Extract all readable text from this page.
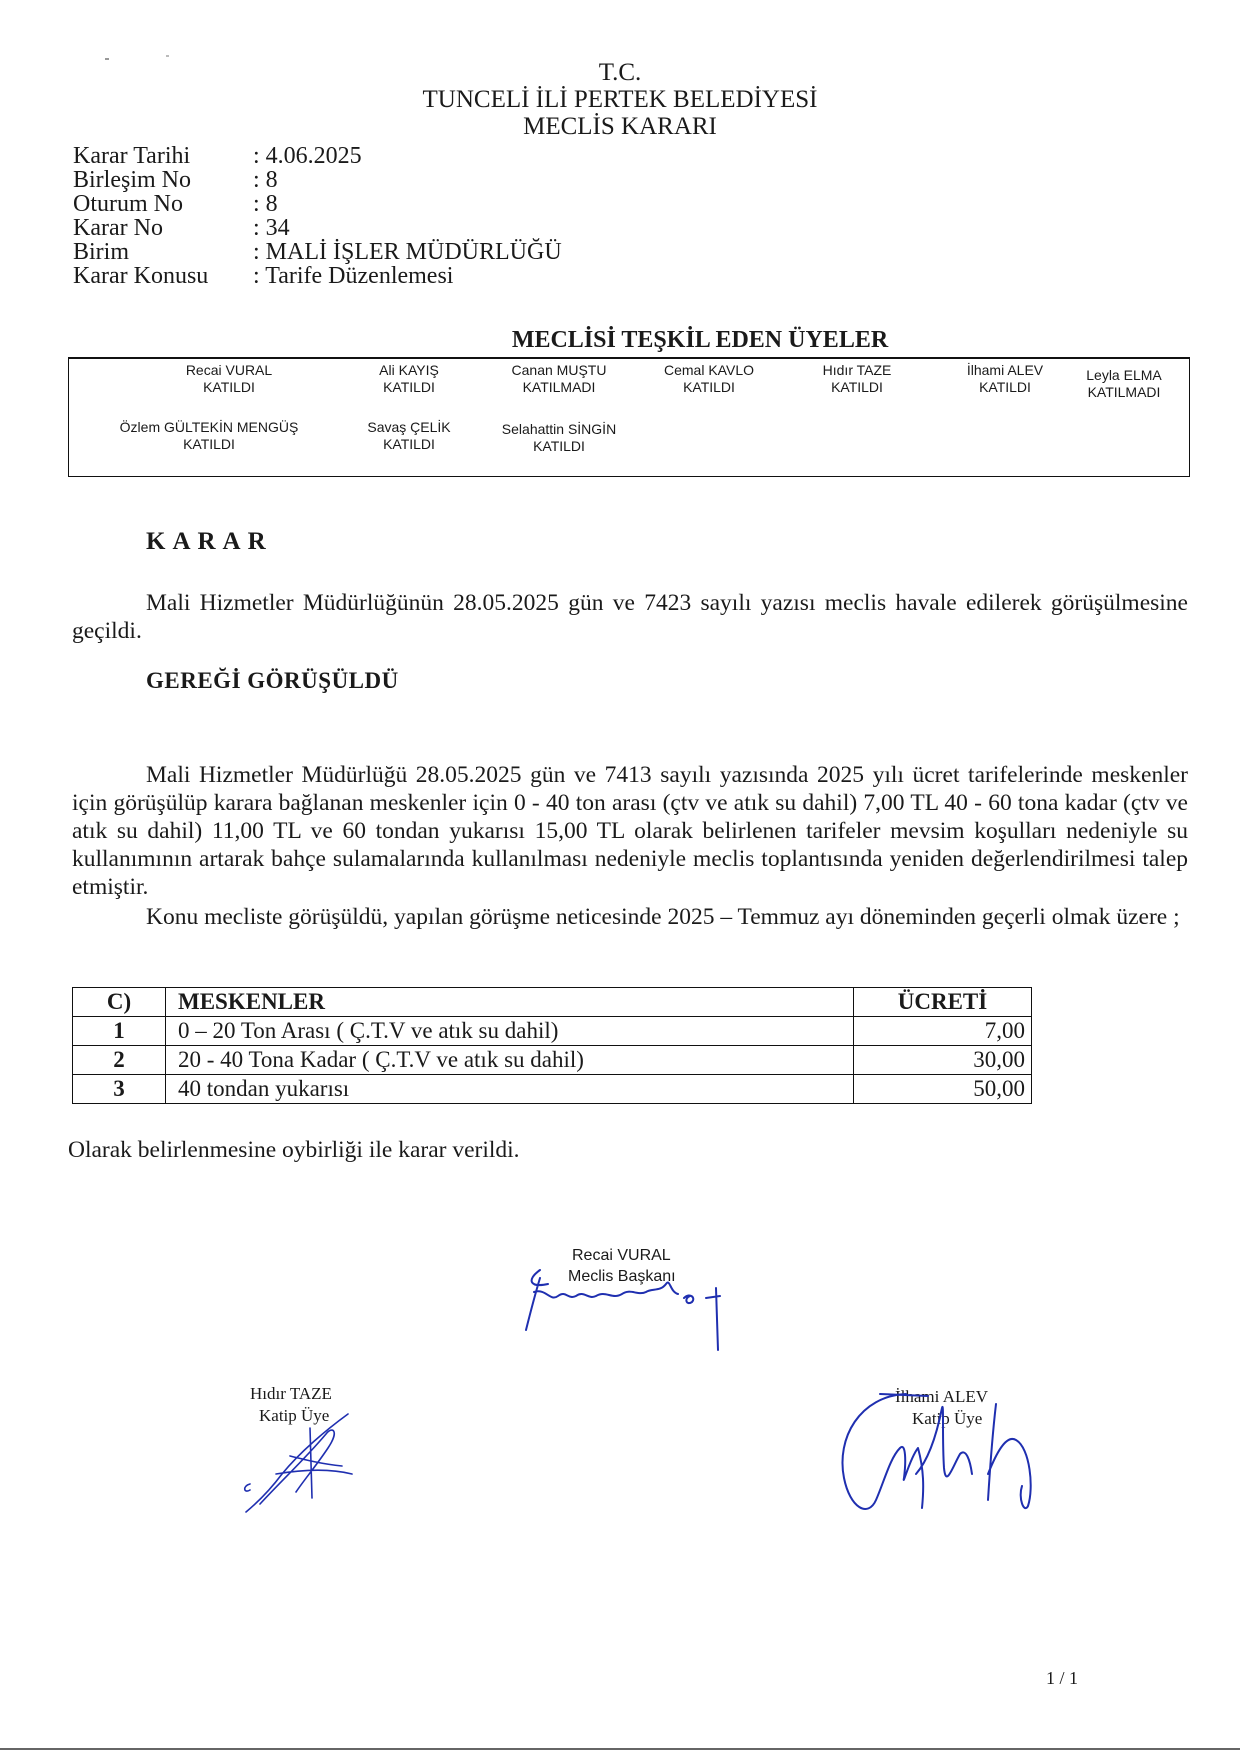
T.C.
TUNCELİ İLİ PERTEK BELEDİYESİ
MECLİS KARARI
Karar Tarihi	: 4.06.2025
Birleşim No	: 8
Oturum No	: 8
Karar No	: 34
Birim	: MALİ İŞLER MÜDÜRLÜĞÜ
Karar Konusu	: Tarife Düzenlemesi
MECLİSİ TEŞKİL EDEN ÜYELER
Recai VURAL
KATILDI
Ali KAYIŞ
KATILDI
Canan MUŞTU
KATILMADI
Cemal KAVLO
KATILDI
Hıdır TAZE
KATILDI
İlhami ALEV
KATILDI
Leyla ELMA
KATILMADI
Özlem GÜLTEKİN MENGÜŞ
KATILDI
Savaş ÇELİK
KATILDI
Selahattin SİNGİN
KATILDI
KARAR
Mali Hizmetler Müdürlüğünün 28.05.2025 gün ve 7423 sayılı yazısı meclis havale edilerek görüşülmesine geçildi.
GEREĞİ GÖRÜŞÜLDÜ
Mali Hizmetler Müdürlüğü 28.05.2025 gün ve 7413 sayılı yazısında 2025 yılı ücret tarifelerinde meskenler için görüşülüp karara bağlanan meskenler için 0 - 40 ton arası (çtv ve atık su dahil) 7,00 TL 40 - 60 tona kadar (çtv ve atık su dahil) 11,00 TL ve 60 tondan yukarısı 15,00 TL olarak belirlenen tarifeler mevsim koşulları nedeniyle su kullanımının artarak bahçe sulamalarında kullanılması nedeniyle meclis toplantısında yeniden değerlendirilmesi talep etmiştir.
Konu mecliste görüşüldü, yapılan görüşme neticesinde 2025 – Temmuz ayı döneminden geçerli olmak üzere ;
C)	MESKENLER	ÜCRETİ
1	0 – 20 Ton Arası ( Ç.T.V ve atık su dahil)	7,00
2	20 - 40 Tona Kadar ( Ç.T.V ve atık su dahil)	30,00
3	40 tondan yukarısı	50,00
Olarak belirlenmesine oybirliği ile karar verildi.
Recai VURAL
Meclis Başkanı
Hıdır TAZE
Katip Üye
İlhami ALEV
Katip Üye
1 / 1
